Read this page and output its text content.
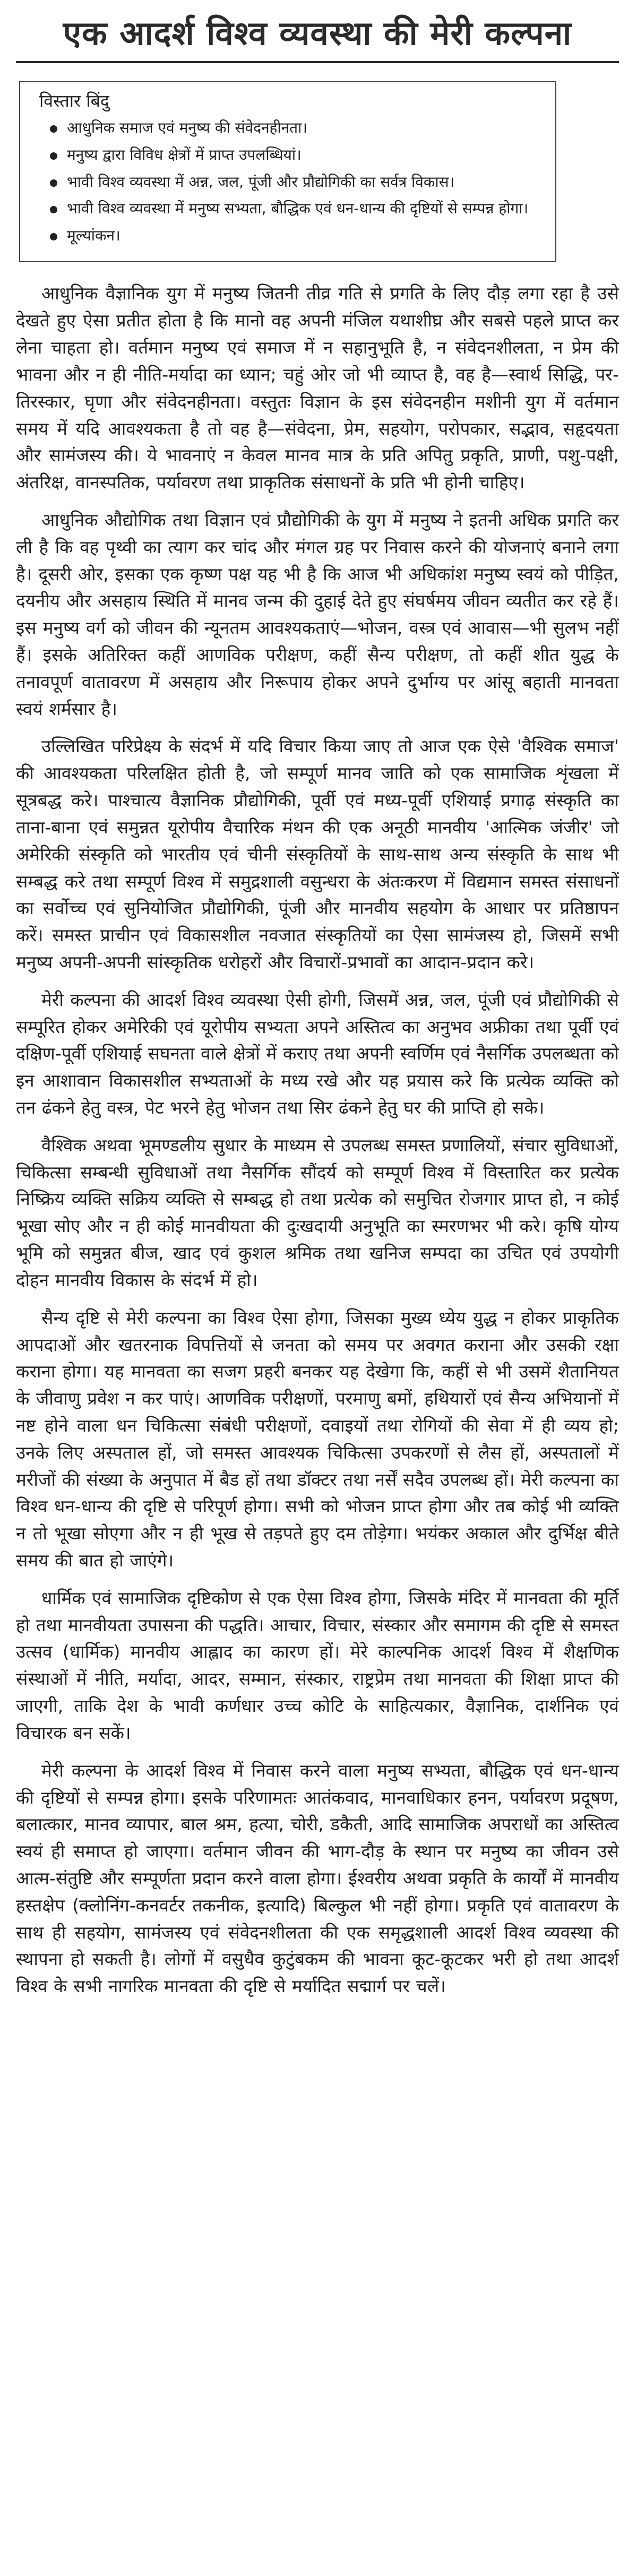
एक आदर्श विश्व व्यवस्था की मेरी कल्पना
विस्तार बिंदु
आधुनिक समाज एवं मनुष्य की संवेदनहीनता।
मनुष्य द्वारा विविध क्षेत्रों में प्राप्त उपलब्धियां।
भावी विश्व व्यवस्था में अन्न, जल, पूंजी और प्रौद्योगिकी का सर्वत्र विकास।
भावी विश्व व्यवस्था में मनुष्य सभ्यता, बौद्धिक एवं धन-धान्य की दृष्टियों से सम्पन्न होगा।
मूल्यांकन।

आधुनिक वैज्ञानिक युग में मनुष्य जितनी तीव्र गति से प्रगति के लिए दौड़ लगा रहा है उसे देखते हुए ऐसा प्रतीत होता है कि मानो वह अपनी मंजिल यथाशीघ्र और सबसे पहले प्राप्त कर लेना चाहता हो। वर्तमान मनुष्य एवं समाज में न सहानुभूति है, न संवेदनशीलता, न प्रेम की भावना और न ही नीति-मर्यादा का ध्यान; चहुं ओर जो भी व्याप्त है, वह है—स्वार्थ सिद्धि, पर-तिरस्कार, घृणा और संवेदनहीनता। वस्तुतः विज्ञान के इस संवेदनहीन मशीनी युग में वर्तमान समय में यदि आवश्यकता है तो वह है—संवेदना, प्रेम, सहयोग, परोपकार, सद्भाव, सहृदयता और सामंजस्य की। ये भावनाएं न केवल मानव मात्र के प्रति अपितु प्रकृति, प्राणी, पशु-पक्षी, अंतरिक्ष, वानस्पतिक, पर्यावरण तथा प्राकृतिक संसाधनों के प्रति भी होनी चाहिए।

आधुनिक औद्योगिक तथा विज्ञान एवं प्रौद्योगिकी के युग में मनुष्य ने इतनी अधिक प्रगति कर ली है कि वह पृथ्वी का त्याग कर चांद और मंगल ग्रह पर निवास करने की योजनाएं बनाने लगा है। दूसरी ओर, इसका एक कृष्ण पक्ष यह भी है कि आज भी अधिकांश मनुष्य स्वयं को पीड़ित, दयनीय और असहाय स्थिति में मानव जन्म की दुहाई देते हुए संघर्षमय जीवन व्यतीत कर रहे हैं। इस मनुष्य वर्ग को जीवन की न्यूनतम आवश्यकताएं—भोजन, वस्त्र एवं आवास—भी सुलभ नहीं हैं। इसके अतिरिक्त कहीं आणविक परीक्षण, कहीं सैन्य परीक्षण, तो कहीं शीत युद्ध के तनावपूर्ण वातावरण में असहाय और निरूपाय होकर अपने दुर्भाग्य पर आंसू बहाती मानवता स्वयं शर्मसार है।

उल्लिखित परिप्रेक्ष्य के संदर्भ में यदि विचार किया जाए तो आज एक ऐसे 'वैश्विक समाज' की आवश्यकता परिलक्षित होती है, जो सम्पूर्ण मानव जाति को एक सामाजिक शृंखला में सूत्रबद्ध करे। पाश्चात्य वैज्ञानिक प्रौद्योगिकी, पूर्वी एवं मध्य-पूर्वी एशियाई प्रगाढ़ संस्कृति का ताना-बाना एवं समुन्नत यूरोपीय वैचारिक मंथन की एक अनूठी मानवीय 'आत्मिक जंजीर' जो अमेरिकी संस्कृति को भारतीय एवं चीनी संस्कृतियों के साथ-साथ अन्य संस्कृति के साथ भी सम्बद्ध करे तथा सम्पूर्ण विश्व में समुद्रशाली वसुन्धरा के अंतःकरण में विद्यमान समस्त संसाधनों का सर्वोच्च एवं सुनियोजित प्रौद्योगिकी, पूंजी और मानवीय सहयोग के आधार पर प्रतिष्ठापन करें। समस्त प्राचीन एवं विकासशील नवजात संस्कृतियों का ऐसा सामंजस्य हो, जिसमें सभी मनुष्य अपनी-अपनी सांस्कृतिक धरोहरों और विचारों-प्रभावों का आदान-प्रदान करे।

मेरी कल्पना की आदर्श विश्व व्यवस्था ऐसी होगी, जिसमें अन्न, जल, पूंजी एवं प्रौद्योगिकी से सम्पूरित होकर अमेरिकी एवं यूरोपीय सभ्यता अपने अस्तित्व का अनुभव अफ्रीका तथा पूर्वी एवं दक्षिण-पूर्वी एशियाई सघनता वाले क्षेत्रों में कराए तथा अपनी स्वर्णिम एवं नैसर्गिक उपलब्धता को इन आशावान विकासशील सभ्यताओं के मध्य रखे और यह प्रयास करे कि प्रत्येक व्यक्ति को तन ढंकने हेतु वस्त्र, पेट भरने हेतु भोजन तथा सिर ढंकने हेतु घर की प्राप्ति हो सके।

वैश्विक अथवा भूमण्डलीय सुधार के माध्यम से उपलब्ध समस्त प्रणालियों, संचार सुविधाओं, चिकित्सा सम्बन्धी सुविधाओं तथा नैसर्गिक सौंदर्य को सम्पूर्ण विश्व में विस्तारित कर प्रत्येक निष्क्रिय व्यक्ति सक्रिय व्यक्ति से सम्बद्ध हो तथा प्रत्येक को समुचित रोजगार प्राप्त हो, न कोई भूखा सोए और न ही कोई मानवीयता की दुःखदायी अनुभूति का स्मरणभर भी करे। कृषि योग्य भूमि को समुन्नत बीज, खाद एवं कुशल श्रमिक तथा खनिज सम्पदा का उचित एवं उपयोगी दोहन मानवीय विकास के संदर्भ में हो।

सैन्य दृष्टि से मेरी कल्पना का विश्व ऐसा होगा, जिसका मुख्य ध्येय युद्ध न होकर प्राकृतिक आपदाओं और खतरनाक विपत्तियों से जनता को समय पर अवगत कराना और उसकी रक्षा कराना होगा। यह मानवता का सजग प्रहरी बनकर यह देखेगा कि, कहीं से भी उसमें शैतानियत के जीवाणु प्रवेश न कर पाएं। आणविक परीक्षणों, परमाणु बमों, हथियारों एवं सैन्य अभियानों में नष्ट होने वाला धन चिकित्सा संबंधी परीक्षणों, दवाइयों तथा रोगियों की सेवा में ही व्यय हो; उनके लिए अस्पताल हों, जो समस्त आवश्यक चिकित्सा उपकरणों से लैस हों, अस्पतालों में मरीजों की संख्या के अनुपात में बैड हों तथा डॉक्टर तथा नर्सें सदैव उपलब्ध हों। मेरी कल्पना का विश्व धन-धान्य की दृष्टि से परिपूर्ण होगा। सभी को भोजन प्राप्त होगा और तब कोई भी व्यक्ति न तो भूखा सोएगा और न ही भूख से तड़पते हुए दम तोड़ेगा। भयंकर अकाल और दुर्भिक्ष बीते समय की बात हो जाएंगे।

धार्मिक एवं सामाजिक दृष्टिकोण से एक ऐसा विश्व होगा, जिसके मंदिर में मानवता की मूर्ति हो तथा मानवीयता उपासना की पद्धति। आचार, विचार, संस्कार और समागम की दृष्टि से समस्त उत्सव (धार्मिक) मानवीय आह्लाद का कारण हों। मेरे काल्पनिक आदर्श विश्व में शैक्षणिक संस्थाओं में नीति, मर्यादा, आदर, सम्मान, संस्कार, राष्ट्रप्रेम तथा मानवता की शिक्षा प्राप्त की जाएगी, ताकि देश के भावी कर्णधार उच्च कोटि के साहित्यकार, वैज्ञानिक, दार्शनिक एवं विचारक बन सकें।

मेरी कल्पना के आदर्श विश्व में निवास करने वाला मनुष्य सभ्यता, बौद्धिक एवं धन-धान्य की दृष्टियों से सम्पन्न होगा। इसके परिणामतः आतंकवाद, मानवाधिकार हनन, पर्यावरण प्रदूषण, बलात्कार, मानव व्यापार, बाल श्रम, हत्या, चोरी, डकैती, आदि सामाजिक अपराधों का अस्तित्व स्वयं ही समाप्त हो जाएगा। वर्तमान जीवन की भाग-दौड़ के स्थान पर मनुष्य का जीवन उसे आत्म-संतुष्टि और सम्पूर्णता प्रदान करने वाला होगा। ईश्वरीय अथवा प्रकृति के कार्यों में मानवीय हस्तक्षेप (क्लोनिंग-कनवर्टर तकनीक, इत्यादि) बिल्कुल भी नहीं होगा। प्रकृति एवं वातावरण के साथ ही सहयोग, सामंजस्य एवं संवेदनशीलता की एक समृद्धशाली आदर्श विश्व व्यवस्था की स्थापना हो सकती है। लोगों में वसुधैव कुटुंबकम की भावना कूट-कूटकर भरी हो तथा आदर्श विश्व के सभी नागरिक मानवता की दृष्टि से मर्यादित सद्मार्ग पर चलें।
